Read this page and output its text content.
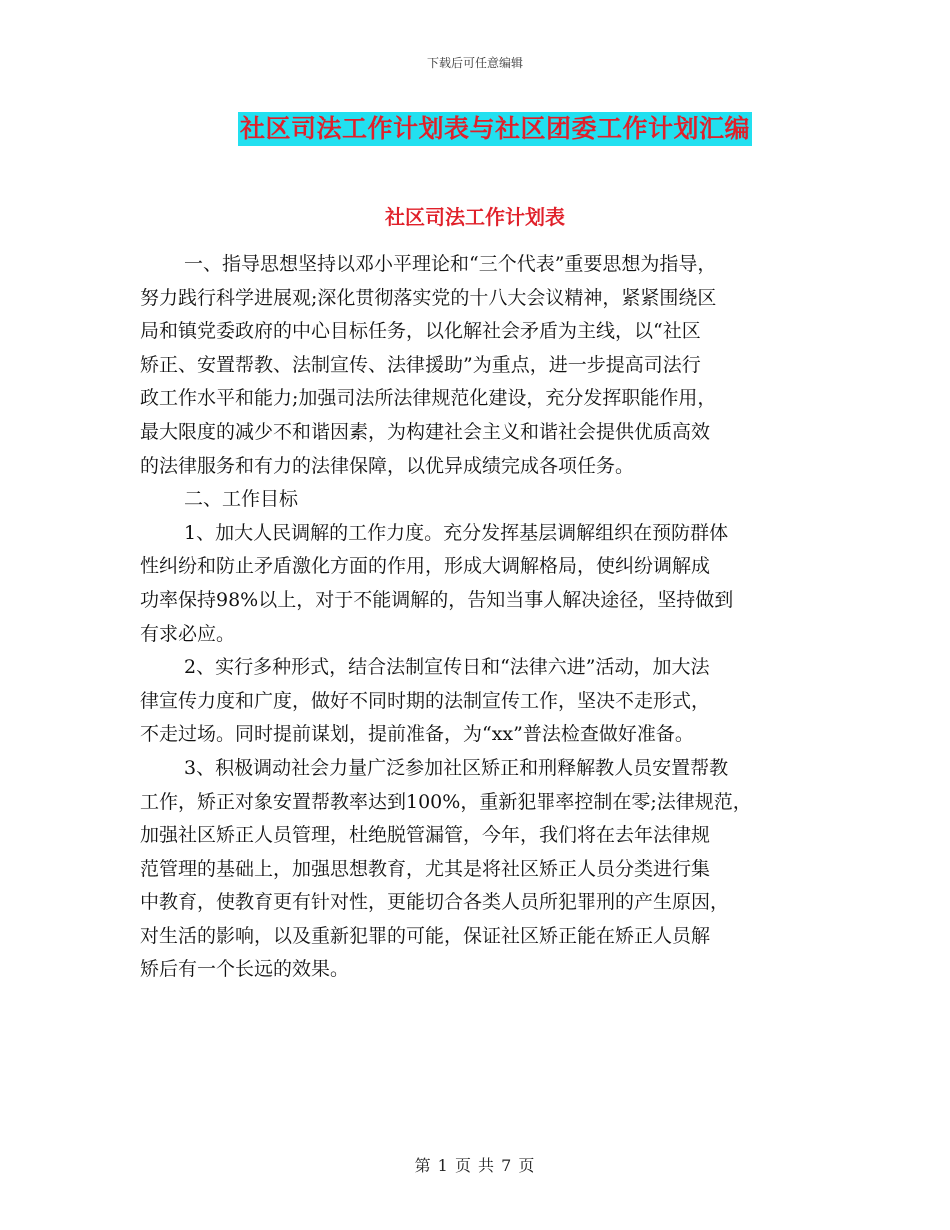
下载后可任意编辑
社区司法工作计划表与社区团委工作计划汇编
社区司法工作计划表

一、指导思想坚持以邓小平理论和“三个代表”重要思想为指导，
努力践行科学进展观;深化贯彻落实党的十八大会议精神，紧紧围绕区
局和镇党委政府的中心目标任务，以化解社会矛盾为主线，以“社区
矫正、安置帮教、法制宣传、法律援助”为重点，进一步提高司法行
政工作水平和能力;加强司法所法律规范化建设，充分发挥职能作用，
最大限度的减少不和谐因素，为构建社会主义和谐社会提供优质高效
的法律服务和有力的法律保障，以优异成绩完成各项任务。

二、工作目标

1、加大人民调解的工作力度。充分发挥基层调解组织在预防群体
性纠纷和防止矛盾激化方面的作用，形成大调解格局，使纠纷调解成
功率保持98%以上，对于不能调解的，告知当事人解决途径，坚持做到
有求必应。

2、实行多种形式，结合法制宣传日和“法律六进”活动，加大法
律宣传力度和广度，做好不同时期的法制宣传工作，坚决不走形式，
不走过场。同时提前谋划，提前准备，为“xx”普法检查做好准备。

3、积极调动社会力量广泛参加社区矫正和刑释解教人员安置帮教
工作，矫正对象安置帮教率达到100%，重新犯罪率控制在零;法律规范，
加强社区矫正人员管理，杜绝脱管漏管，今年，我们将在去年法律规
范管理的基础上，加强思想教育，尤其是将社区矫正人员分类进行集
中教育，使教育更有针对性，更能切合各类人员所犯罪刑的产生原因，
对生活的影响，以及重新犯罪的可能，保证社区矫正能在矫正人员解
矫后有一个长远的效果。

第 1 页 共 7 页
